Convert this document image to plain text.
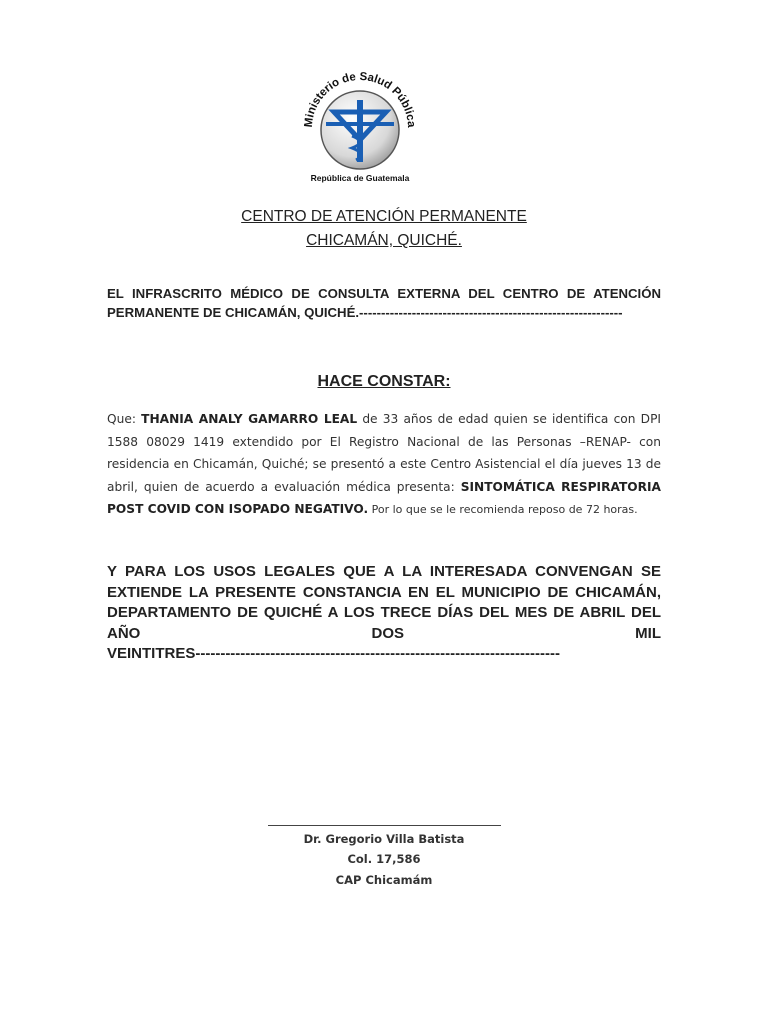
Ministerio de Salud Pública
República de Guatemala
CENTRO DE ATENCIÓN PERMANENTE
CHICAMÁN, QUICHÉ.
EL INFRASCRITO MÉDICO DE CONSULTA EXTERNA DEL CENTRO DE ATENCIÓN PERMANENTE DE CHICAMÁN, QUICHÉ.------------------------------------------------------------
HACE CONSTAR:
Que: THANIA ANALY GAMARRO LEAL de 33 años de edad quien se identifica con DPI 1588 08029 1419 extendido por El Registro Nacional de las Personas –RENAP- con residencia en Chicamán, Quiché; se presentó a este Centro Asistencial el día jueves 13 de abril, quien de acuerdo a evaluación médica presenta: SINTOMÁTICA RESPIRATORIA POST COVID CON ISOPADO NEGATIVO. Por lo que se le recomienda reposo de 72 horas.
Y PARA LOS USOS LEGALES QUE A LA INTERESADA CONVENGAN SE
EXTIENDE LA PRESENTE CONSTANCIA EN EL MUNICIPIO DE CHICAMÁN,
DEPARTAMENTO DE QUICHÉ A LOS TRECE DÍAS DEL MES DE ABRIL DEL
AÑO DOS MIL
VEINTITRES-------------------------------------------------------------------------
Dr. Gregorio Villa Batista
Col. 17,586
CAP Chicamám
